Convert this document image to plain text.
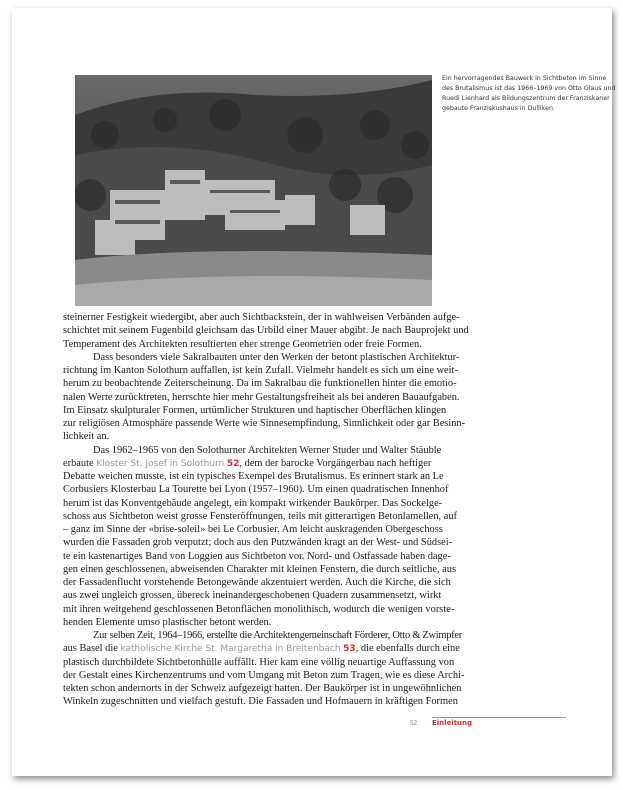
Ein hervorragendes Bauwerk in Sichtbeton im Sinne des Brutalismus ist das 1966–1969 von Otto Glaus und Ruedi Lienhard als Bildungszentrum der Franziskaner gebaute Franziskushaus in Dulliken.
steinerner Festigkeit wiedergibt, aber auch Sichtbackstein, der in wahlweisen Verbänden aufge-
schichtet mit seinem Fugenbild gleichsam das Urbild einer Mauer abgibt. Je nach Bauprojekt und
Temperament des Architekten resultierten eher strenge Geometrien oder freie Formen.
Dass besonders viele Sakralbauten unter den Werken der betont plastischen Architektur-
richtung im Kanton Solothurn auffallen, ist kein Zufall. Vielmehr handelt es sich um eine weit-
herum zu beobachtende Zeiterscheinung. Da im Sakralbau die funktionellen hinter die emotio-
nalen Werte zurücktreten, herrschte hier mehr Gestaltungsfreiheit als bei anderen Bauaufgaben.
Im Einsatz skulpturaler Formen, urtümlicher Strukturen und haptischer Oberflächen klingen
zur religiösen Atmosphäre passende Werte wie Sinnesempfindung, Sinnlichkeit oder gar Besinn-
lichkeit an.
Das 1962–1965 von den Solothurner Architekten Werner Studer und Walter Stäuble
erbaute Kloster St. Josef in Solothurn 52, dem der barocke Vorgängerbau nach heftiger
Debatte weichen musste, ist ein typisches Exempel des Brutalismus. Es erinnert stark an Le
Corbusiers Klosterbau La Tourette bei Lyon (1957–1960). Um einen quadratischen Innenhof
herum ist das Konventgebäude angelegt, ein kompakt wirkender Baukörper. Das Sockelge-
schoss aus Sichtbeton weist grosse Fensteröffnungen, teils mit gitterartigen Betonlamellen, auf
– ganz im Sinne der «brise-soleil» bei Le Corbusier. Am leicht auskragenden Obergeschoss
wurden die Fassaden grob verputzt; doch aus den Putzwänden kragt an der West- und Südsei-
te ein kastenartiges Band von Loggien aus Sichtbeton vor. Nord- und Ostfassade haben dage-
gen einen geschlossenen, abweisenden Charakter mit kleinen Fenstern, die durch seitliche, aus
der Fassadenflucht vorstehende Betongewände akzentuiert werden. Auch die Kirche, die sich
aus zwei ungleich grossen, übereck ineinandergeschobenen Quadern zusammensetzt, wirkt
mit ihren weitgehend geschlossenen Betonflächen monolithisch, wodurch die wenigen vorste-
henden Elemente umso plastischer betont werden.
Zur selben Zeit, 1964–1966, erstellte die Architektengemeinschaft Förderer, Otto & Zwimpfer
aus Basel die katholische Kirche St. Margaretha in Breitenbach 53, die ebenfalls durch eine
plastisch durchbildete Sichtbetonhülle auffällt. Hier kam eine völlig neuartige Auffassung von
der Gestalt eines Kirchenzentrums und vom Umgang mit Beton zum Tragen, wie es diese Archi-
tekten schon andernorts in der Schweiz aufgezeigt hatten. Der Baukörper ist in ungewöhnlichen
Winkeln zugeschnitten und vielfach gestuft. Die Fassaden und Hofmauern in kräftigen Formen
52 Einleitung
